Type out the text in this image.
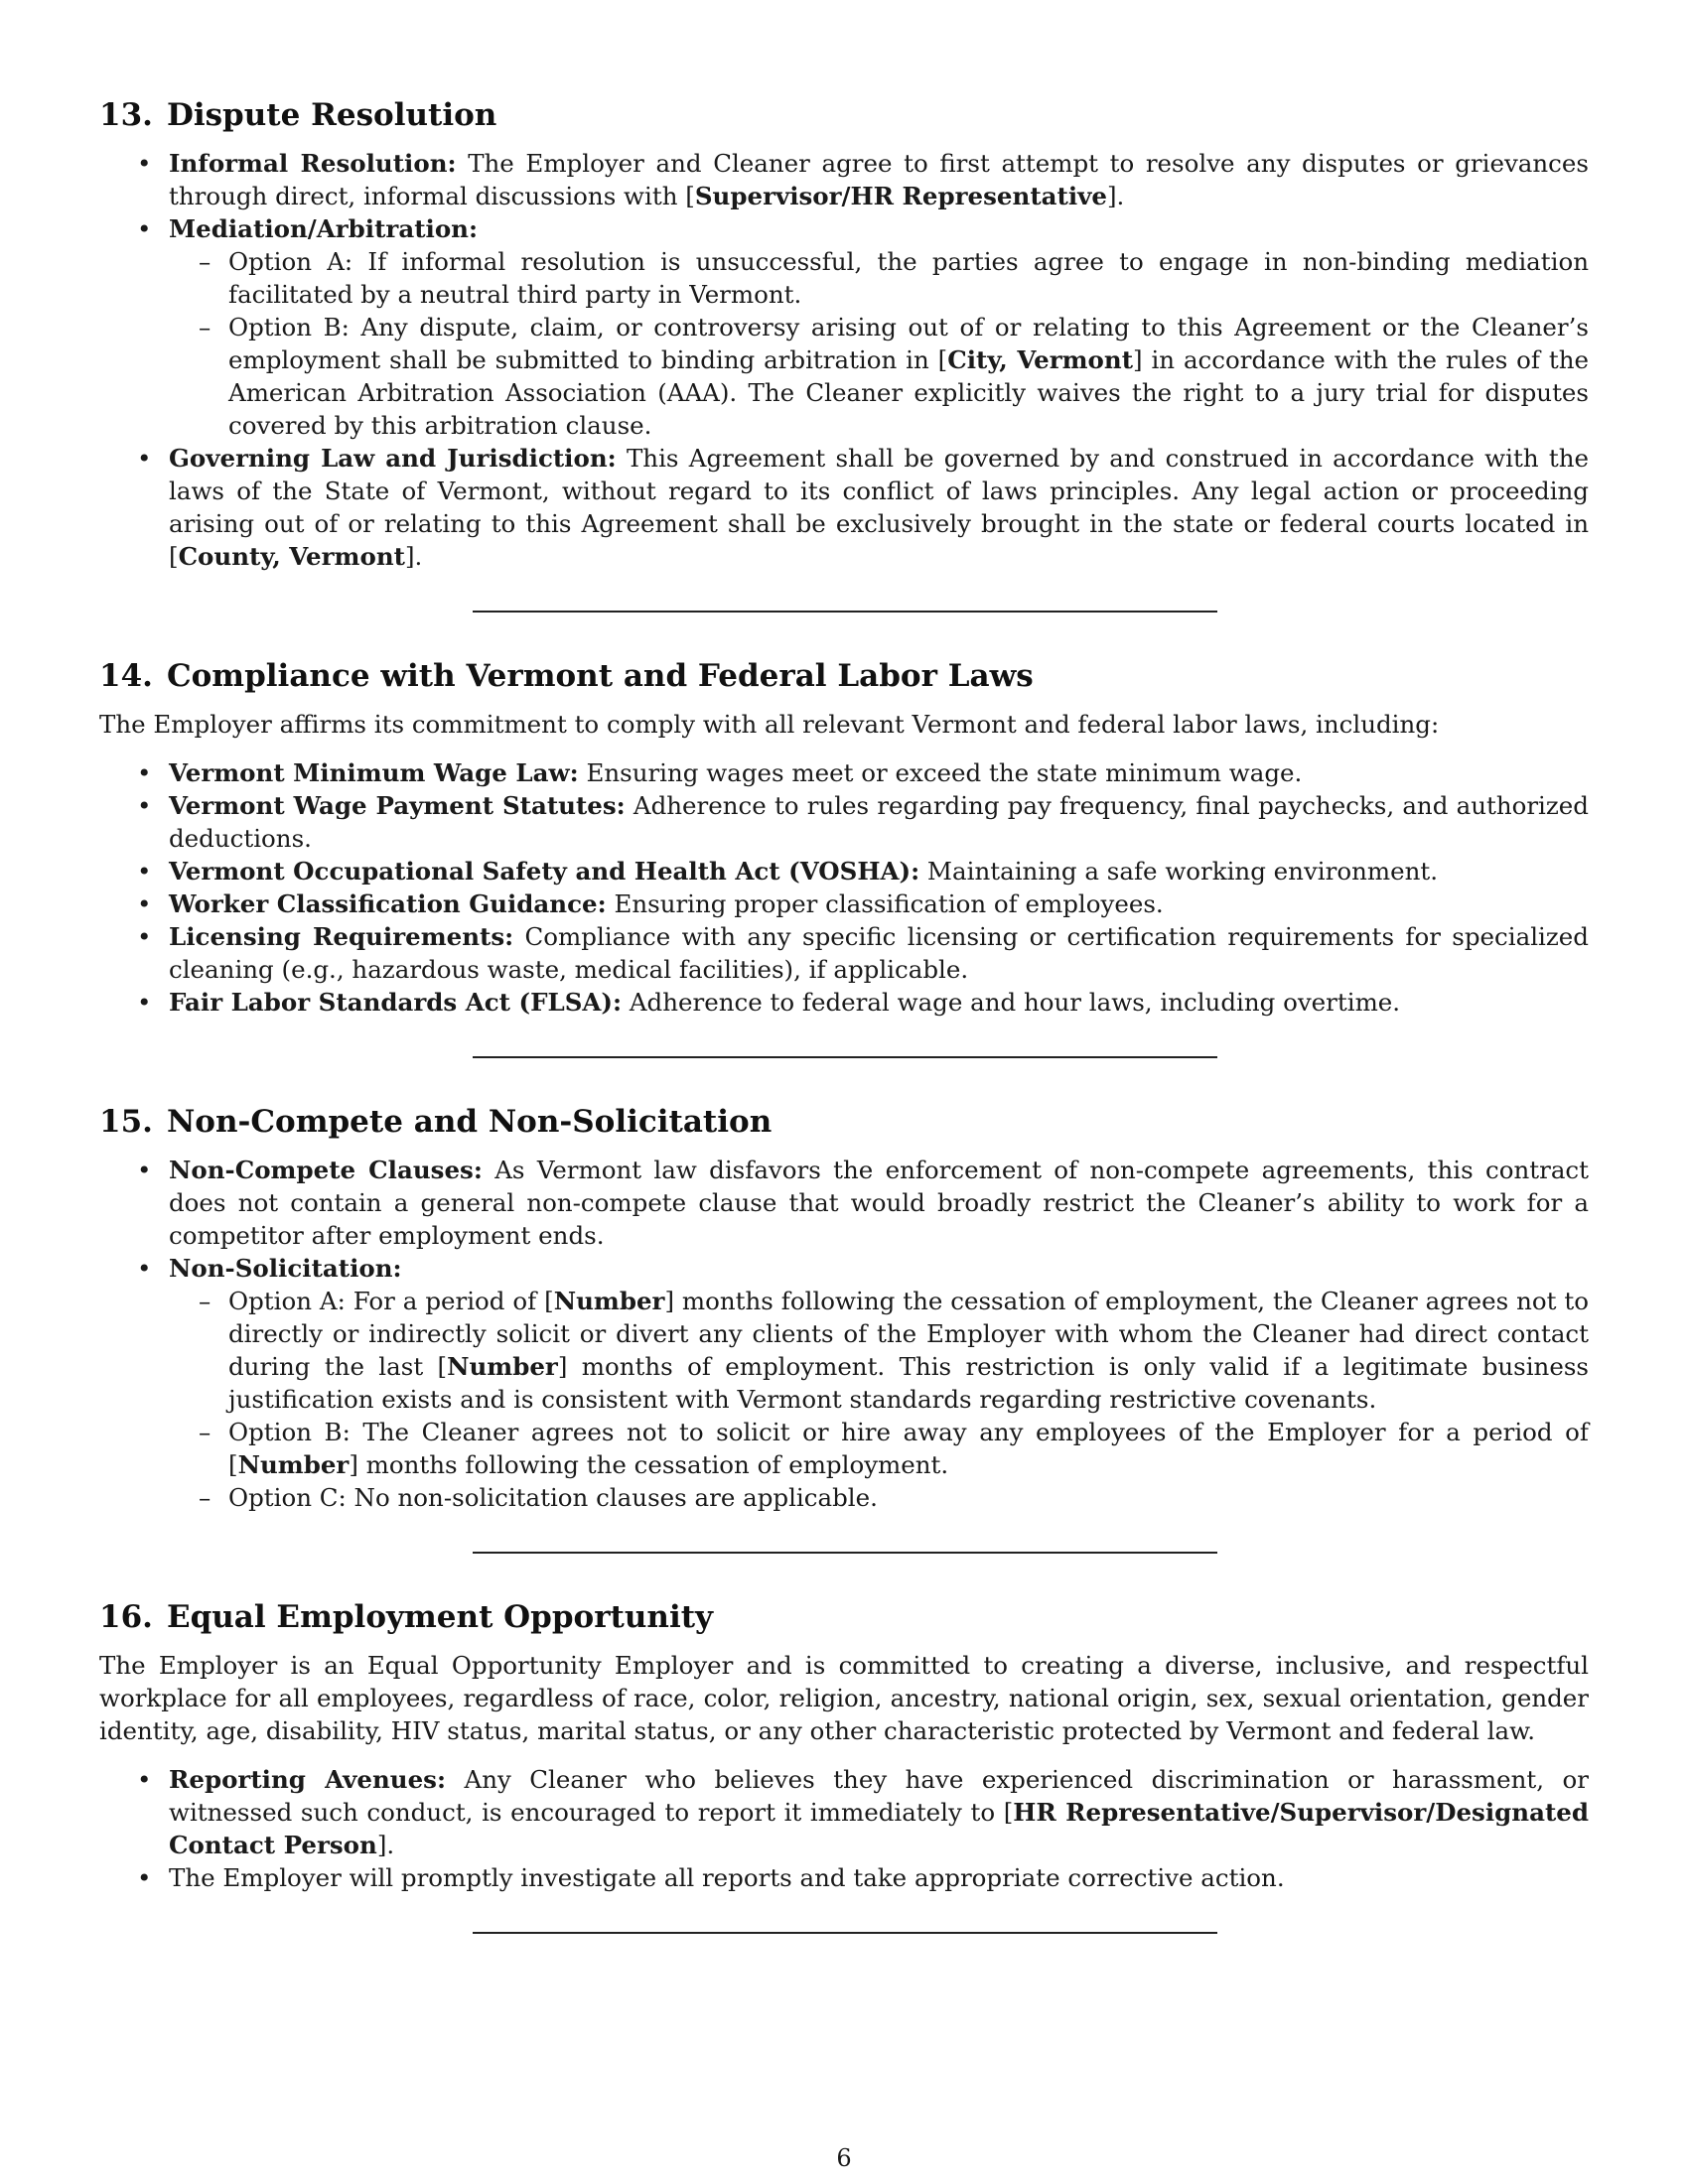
13. Dispute Resolution
• Informal Resolution: The Employer and Cleaner agree to first attempt to resolve any disputes or grievances through direct, informal discussions with [Supervisor/HR Representative].
• Mediation/Arbitration:
– Option A: If informal resolution is unsuccessful, the parties agree to engage in non-binding mediation facilitated by a neutral third party in Vermont.
– Option B: Any dispute, claim, or controversy arising out of or relating to this Agreement or the Cleaner’s employment shall be submitted to binding arbitration in [City, Vermont] in accordance with the rules of the American Arbitration Association (AAA). The Cleaner explicitly waives the right to a jury trial for disputes covered by this arbitration clause.
• Governing Law and Jurisdiction: This Agreement shall be governed by and construed in accordance with the laws of the State of Vermont, without regard to its conflict of laws principles. Any legal action or proceeding arising out of or relating to this Agreement shall be exclusively brought in the state or federal courts located in [County, Vermont].
14. Compliance with Vermont and Federal Labor Laws

The Employer affirms its commitment to comply with all relevant Vermont and federal labor laws, including:

• Vermont Minimum Wage Law: Ensuring wages meet or exceed the state minimum wage.
• Vermont Wage Payment Statutes: Adherence to rules regarding pay frequency, final paychecks, and authorized deductions.
• Vermont Occupational Safety and Health Act (VOSHA): Maintaining a safe working environment.
• Worker Classification Guidance: Ensuring proper classification of employees.
• Licensing Requirements: Compliance with any specific licensing or certification requirements for specialized cleaning (e.g., hazardous waste, medical facilities), if applicable.
• Fair Labor Standards Act (FLSA): Adherence to federal wage and hour laws, including overtime.
15. Non-Compete and Non-Solicitation
• Non-Compete Clauses: As Vermont law disfavors the enforcement of non-compete agreements, this contract does not contain a general non-compete clause that would broadly restrict the Cleaner’s ability to work for a competitor after employment ends.
• Non-Solicitation:
– Option A: For a period of [Number] months following the cessation of employment, the Cleaner agrees not to directly or indirectly solicit or divert any clients of the Employer with whom the Cleaner had direct contact during the last [Number] months of employment. This restriction is only valid if a legitimate business justification exists and is consistent with Vermont standards regarding restrictive covenants.
– Option B: The Cleaner agrees not to solicit or hire away any employees of the Employer for a period of [Number] months following the cessation of employment.
– Option C: No non-solicitation clauses are applicable.
16. Equal Employment Opportunity

The Employer is an Equal Opportunity Employer and is committed to creating a diverse, inclusive, and respectful workplace for all employees, regardless of race, color, religion, ancestry, national origin, sex, sexual orientation, gender identity, age, disability, HIV status, marital status, or any other characteristic protected by Vermont and federal law.

• Reporting Avenues: Any Cleaner who believes they have experienced discrimination or harassment, or witnessed such conduct, is encouraged to report it immediately to [HR Representative/Supervisor/Designated Contact Person].
• The Employer will promptly investigate all reports and take appropriate corrective action.
6
